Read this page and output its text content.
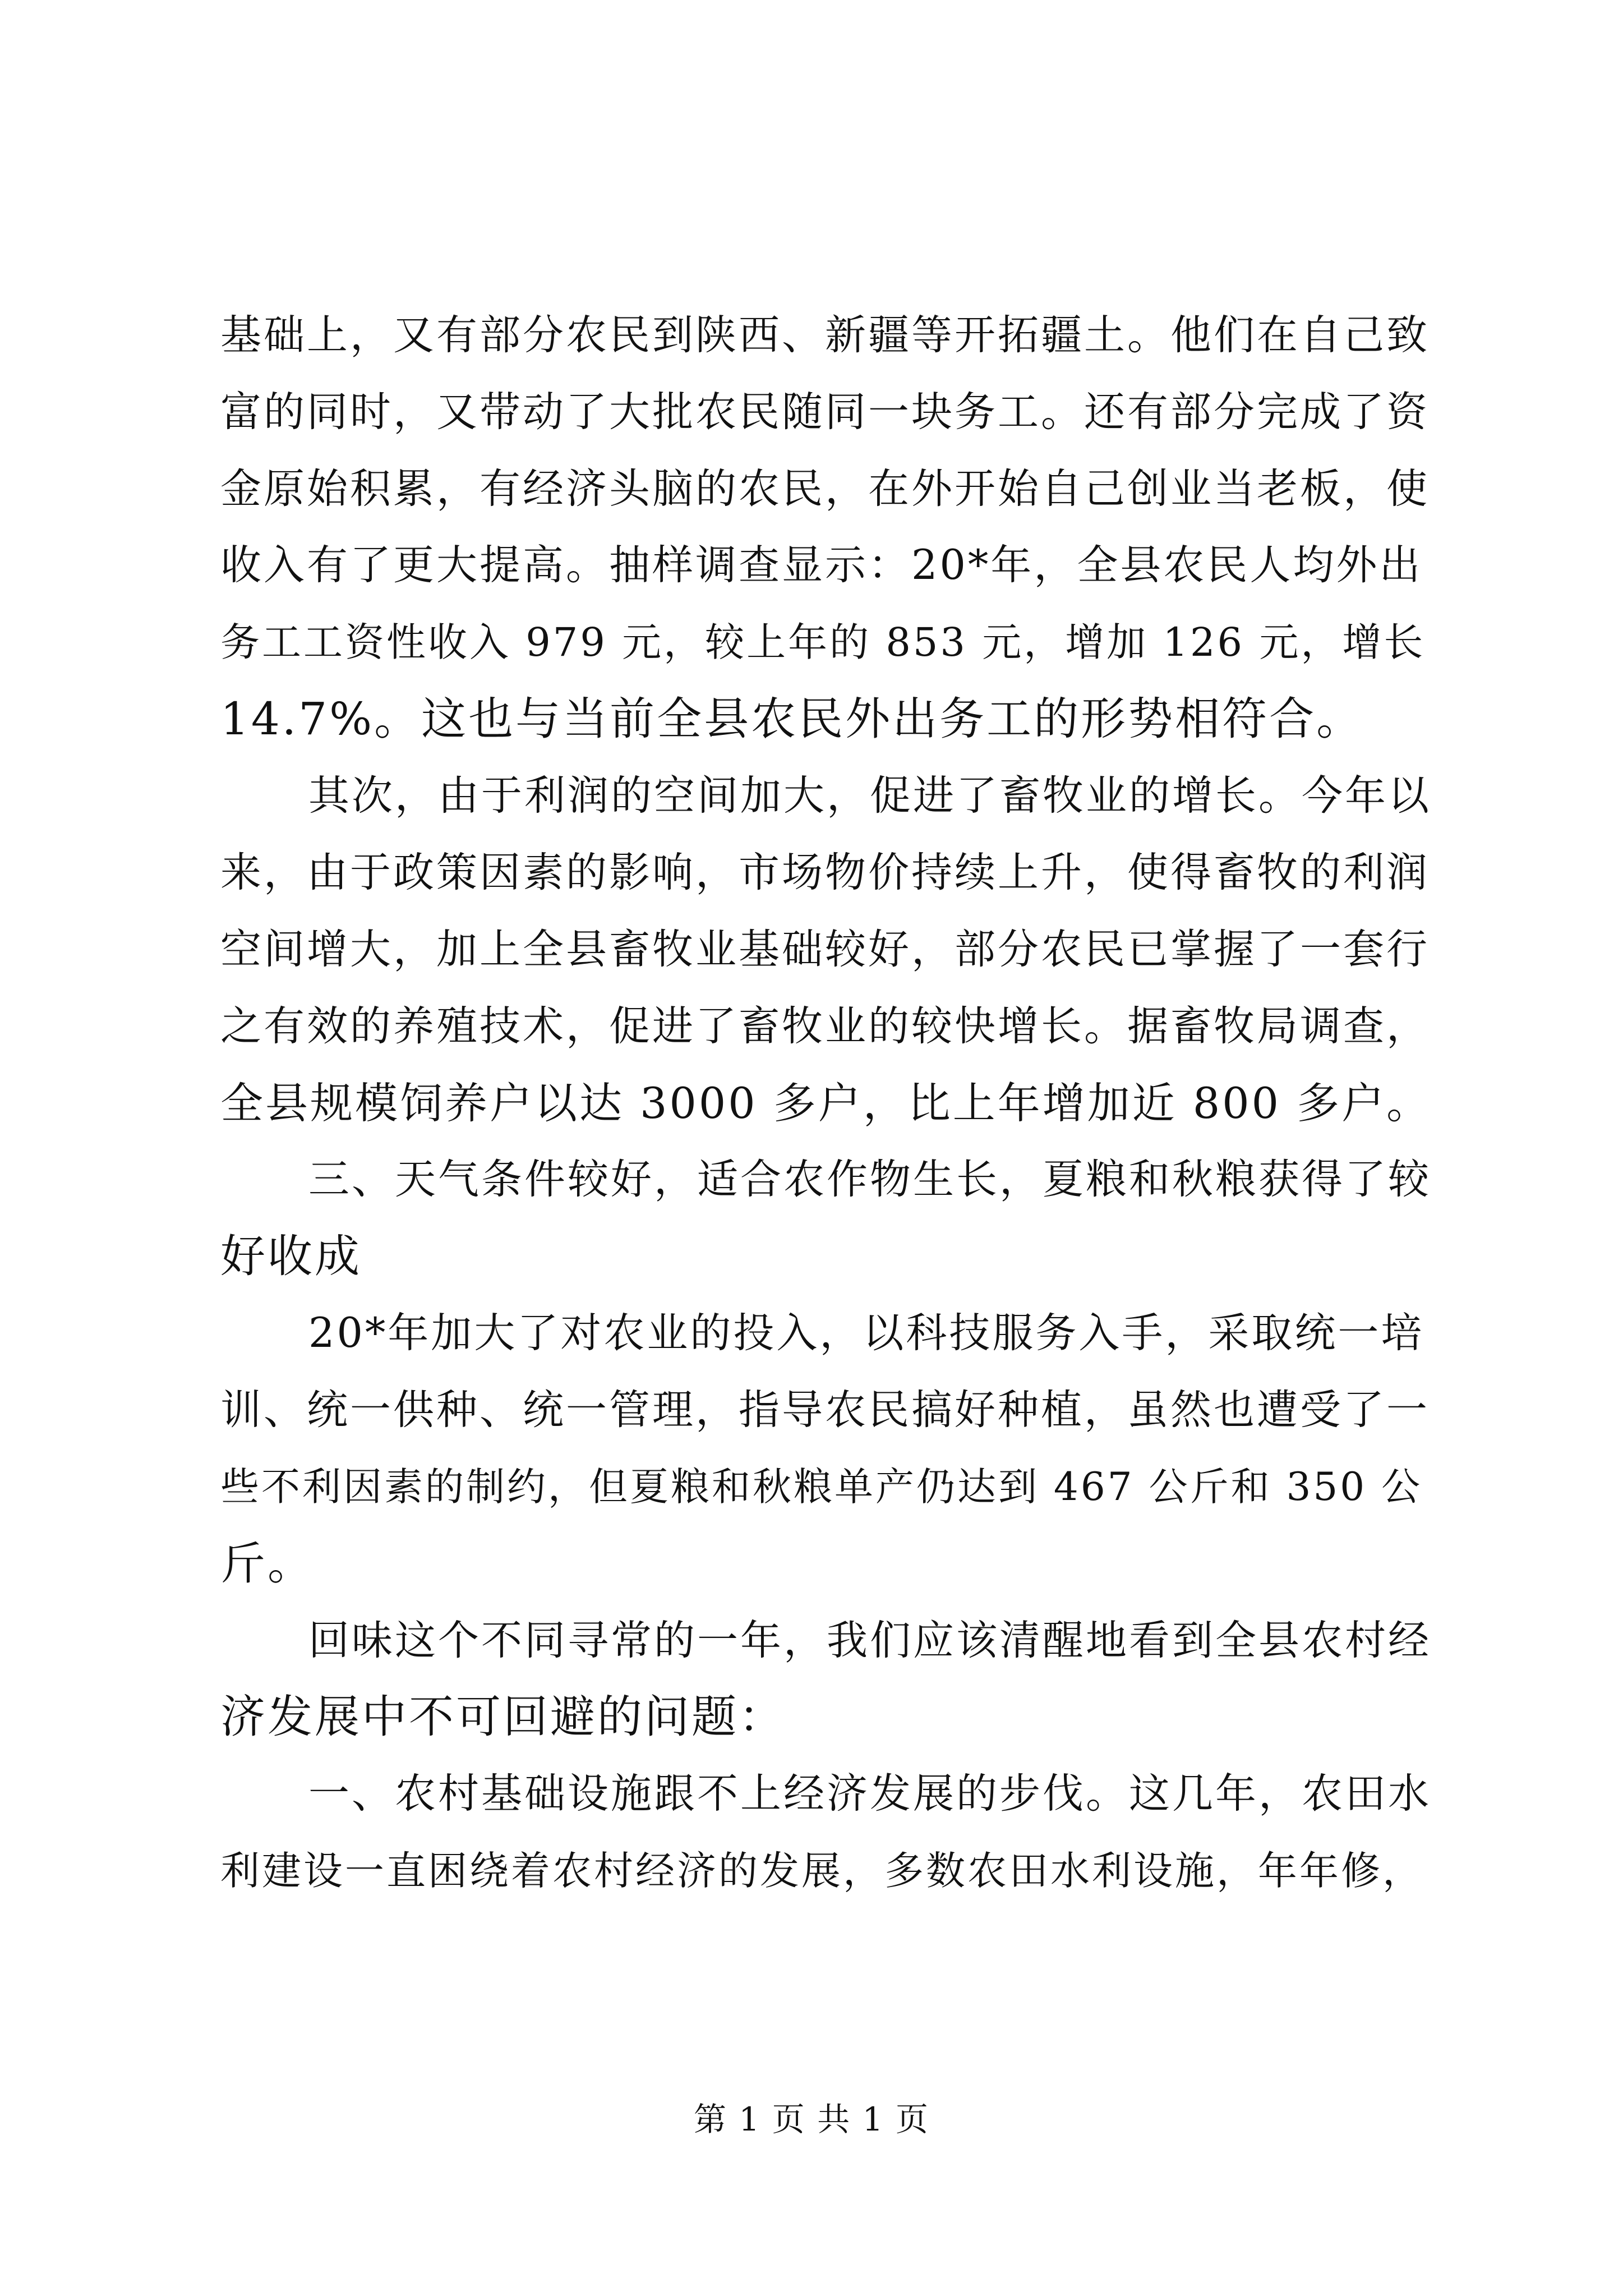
基础上，又有部分农民到陕西、新疆等开拓疆土。他们在自己致

富的同时，又带动了大批农民随同一块务工。还有部分完成了资

金原始积累，有经济头脑的农民，在外开始自己创业当老板，使

收入有了更大提高。抽样调查显示：20*年，全县农民人均外出

务工工资性收入 979 元，较上年的 853 元，增加 126 元，增长

14.7%。这也与当前全县农民外出务工的形势相符合。

其次，由于利润的空间加大，促进了畜牧业的增长。今年以

来，由于政策因素的影响，市场物价持续上升，使得畜牧的利润

空间增大，加上全县畜牧业基础较好，部分农民已掌握了一套行

之有效的养殖技术，促进了畜牧业的较快增长。据畜牧局调查，

全县规模饲养户以达 3000 多户，比上年增加近 800 多户。

三、天气条件较好，适合农作物生长，夏粮和秋粮获得了较

好收成

20*年加大了对农业的投入，以科技服务入手，采取统一培

训、统一供种、统一管理，指导农民搞好种植，虽然也遭受了一

些不利因素的制约，但夏粮和秋粮单产仍达到 467 公斤和 350 公

斤。

回味这个不同寻常的一年，我们应该清醒地看到全县农村经

济发展中不可回避的问题：

一、农村基础设施跟不上经济发展的步伐。这几年，农田水

利建设一直困绕着农村经济的发展，多数农田水利设施，年年修，

第 1 页 共 1 页
